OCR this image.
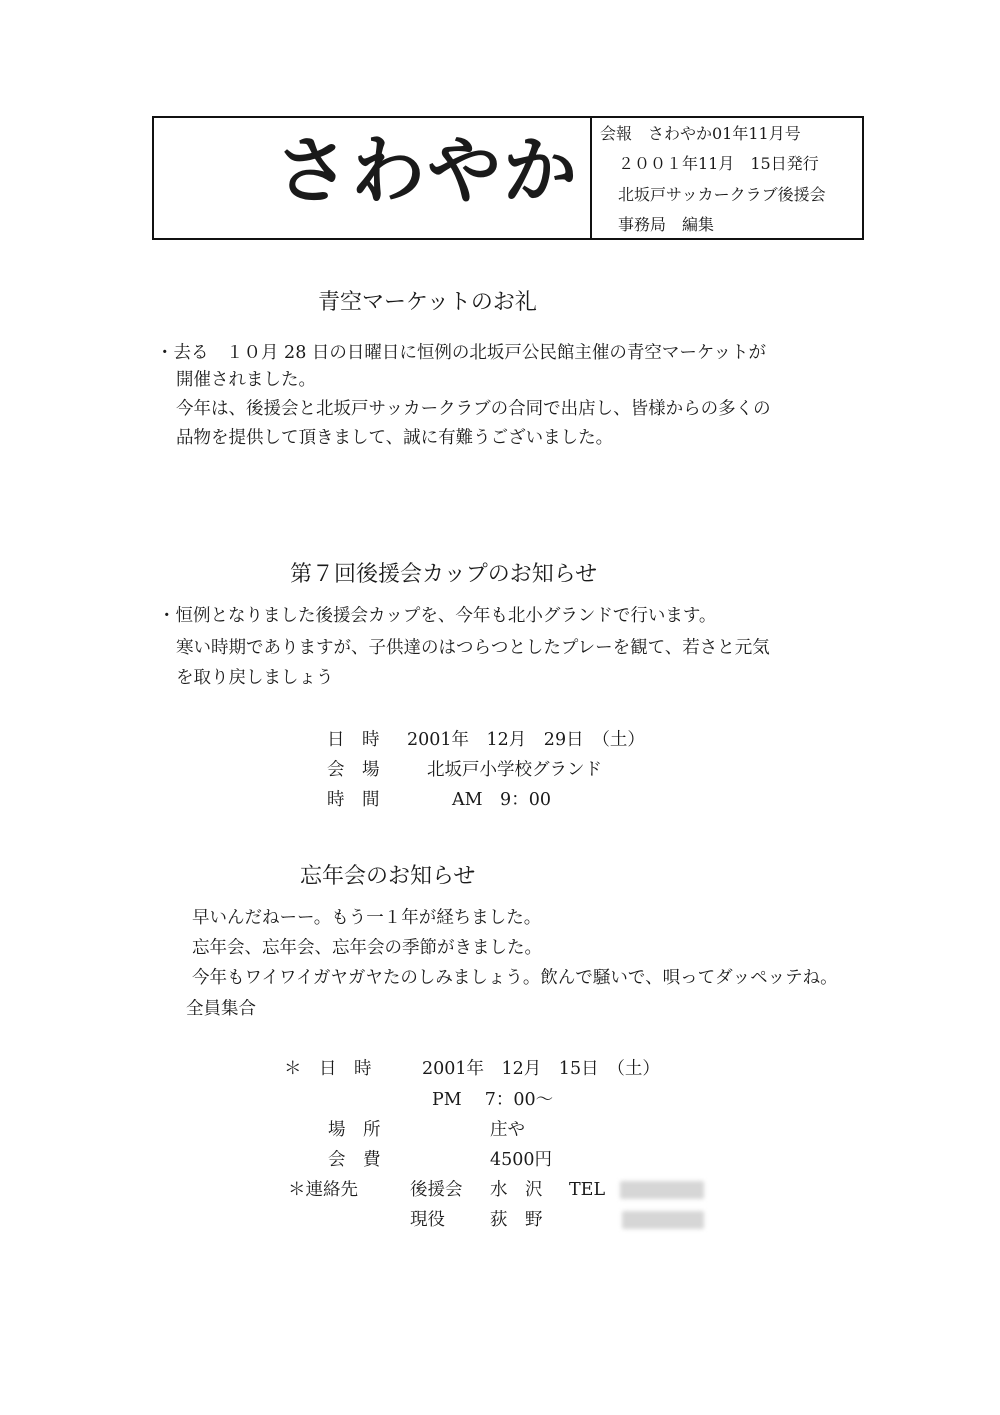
さわやか 会報　さわやか01年11月号
２００１年11月　15日発行
北坂戸サッカークラブ後援会
事務局　編集
青空マーケットのお礼
・去る　１０月 28 日の日曜日に恒例の北坂戸公民館主催の青空マーケットが
開催されました。
今年は、後援会と北坂戸サッカークラブの合同で出店し、皆様からの多くの
品物を提供して頂きまして、誠に有難うございました。
第７回後援会カップのお知らせ
・恒例となりました後援会カップを、今年も北小グランドで行います。
寒い時期でありますが、子供達のはつらつとしたプレーを観て、若さと元気
を取り戻しましょう
日　時 2001年　12月　29日　（土）
会　場	北坂戸小学校グランド
時　間	AM　9：00
忘年会のお知らせ
早いんだねーー。もう一１年が経ちました。
忘年会、忘年会、忘年会の季節がきました。
今年もワイワイガヤガヤたのしみましょう。飲んで騒いで、唄ってダッペッテね。
全員集合
＊　日　時	2001年　12月　15日　（土）
PM　 7：00～
場　所	庄や
会　費	4500円
＊連絡先	後援会 水　沢 TEL
現役	荻　野
